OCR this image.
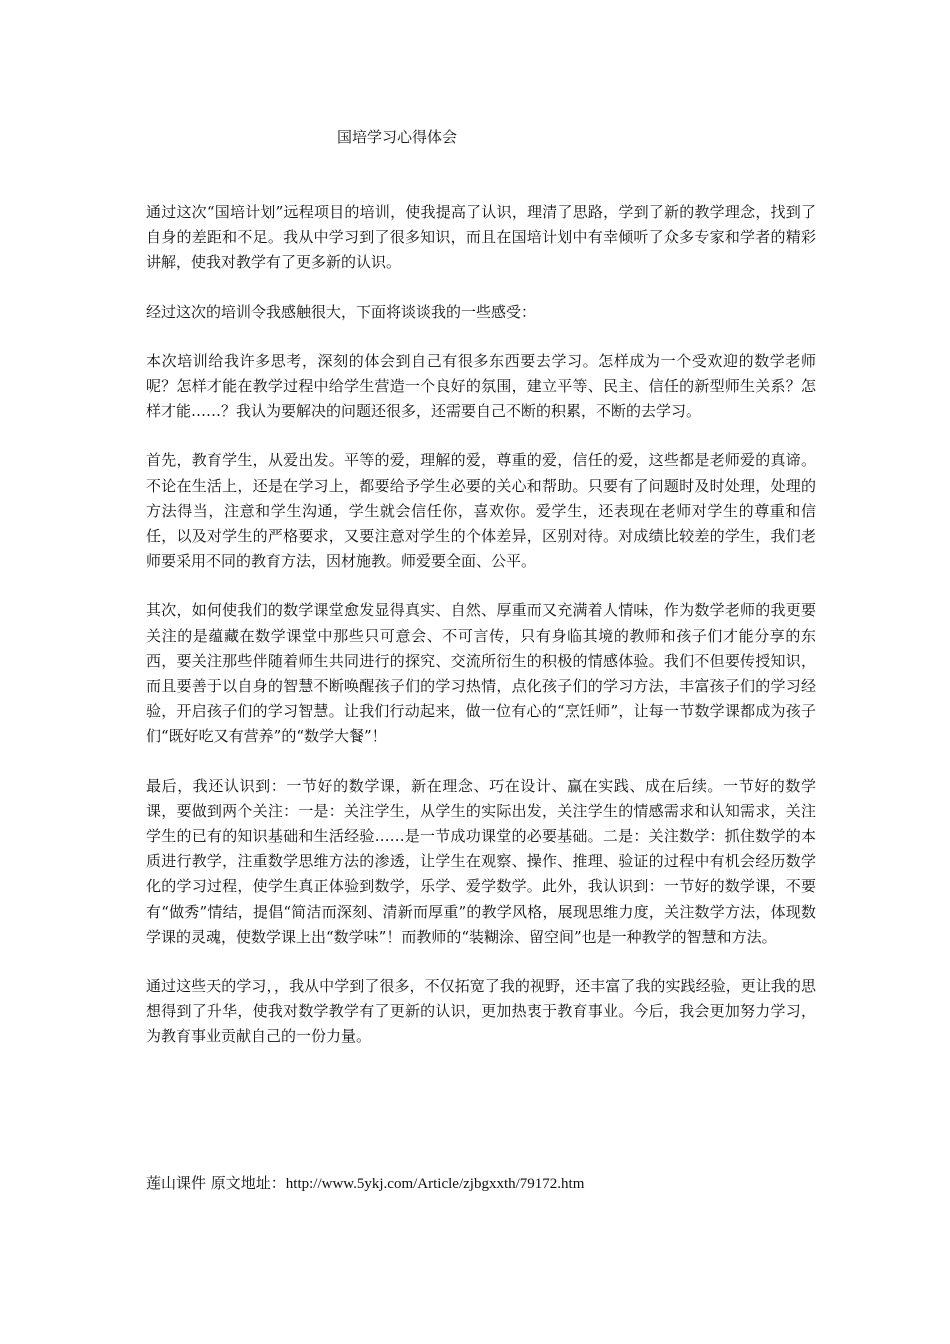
国培学习心得体会

通过这次“国培计划”远程项目的培训，使我提高了认识，理清了思路，学到了新的教学理念，找到了自身的差距和不足。我从中学习到了很多知识，而且在国培计划中有幸倾听了众多专家和学者的精彩讲解，使我对教学有了更多新的认识。

经过这次的培训令我感触很大，下面将谈谈我的一些感受：

本次培训给我许多思考，深刻的体会到自己有很多东西要去学习。怎样成为一个受欢迎的数学老师呢？怎样才能在教学过程中给学生营造一个良好的氛围，建立平等、民主、信任的新型师生关系？怎样才能……？我认为要解决的问题还很多，还需要自己不断的积累，不断的去学习。

首先，教育学生，从爱出发。平等的爱，理解的爱，尊重的爱，信任的爱，这些都是老师爱的真谛。不论在生活上，还是在学习上，都要给予学生必要的关心和帮助。只要有了问题时及时处理，处理的方法得当，注意和学生沟通，学生就会信任你，喜欢你。爱学生，还表现在老师对学生的尊重和信任，以及对学生的严格要求，又要注意对学生的个体差异，区别对待。对成绩比较差的学生，我们老师要采用不同的教育方法，因材施教。师爱要全面、公平。

其次，如何使我们的数学课堂愈发显得真实、自然、厚重而又充满着人情味，作为数学老师的我更要关注的是蕴藏在数学课堂中那些只可意会、不可言传，只有身临其境的教师和孩子们才能分享的东西，要关注那些伴随着师生共同进行的探究、交流所衍生的积极的情感体验。我们不但要传授知识，而且要善于以自身的智慧不断唤醒孩子们的学习热情，点化孩子们的学习方法，丰富孩子们的学习经验，开启孩子们的学习智慧。让我们行动起来，做一位有心的“烹饪师”，让每一节数学课都成为孩子们“既好吃又有营养”的“数学大餐”！

最后，我还认识到：一节好的数学课，新在理念、巧在设计、赢在实践、成在后续。一节好的数学课，要做到两个关注：一是：关注学生，从学生的实际出发，关注学生的情感需求和认知需求，关注学生的已有的知识基础和生活经验……是一节成功课堂的必要基础。二是：关注数学：抓住数学的本质进行教学，注重数学思维方法的渗透，让学生在观察、操作、推理、验证的过程中有机会经历数学化的学习过程，使学生真正体验到数学，乐学、爱学数学。此外，我认识到：一节好的数学课，不要有“做秀”情结，提倡“简洁而深刻、清新而厚重”的教学风格，展现思维力度，关注数学方法，体现数学课的灵魂，使数学课上出“数学味”！而教师的“装糊涂、留空间”也是一种教学的智慧和方法。

通过这些天的学习，，我从中学到了很多，不仅拓宽了我的视野，还丰富了我的实践经验，更让我的思想得到了升华，使我对数学教学有了更新的认识，更加热衷于教育事业。今后，我会更加努力学习，为教育事业贡献自己的一份力量。

莲山课件 原文地址：http://www.5ykj.com/Article/zjbgxxth/79172.htm
